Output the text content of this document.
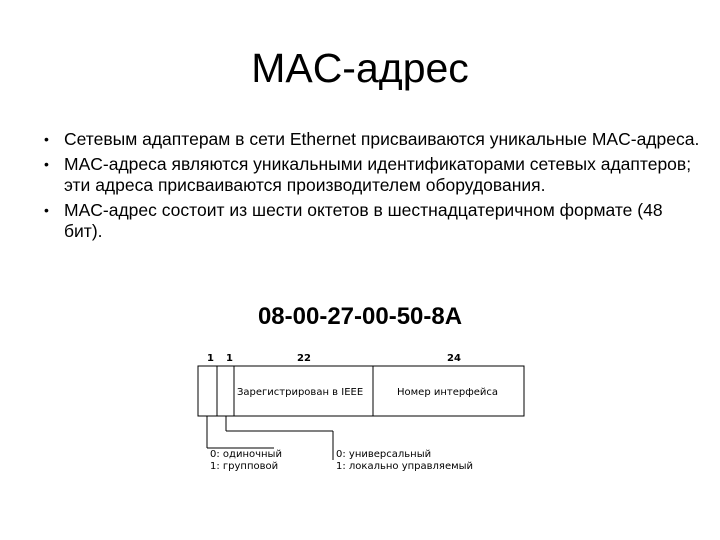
MAC-адрес
• Сетевым адаптерам в сети Ethernet присваиваются уникальные MAC-адреса.
• MAC-адреса являются уникальными идентификаторами сетевых адаптеров; эти адреса присваиваются производителем оборудования.
• MAC-адрес состоит из шести октетов в шестнадцатеричном формате (48 бит).
08-00-27-00-50-8A
1 1	22	24
Зарегистрирован в IEEE	Номер интерфейса
0: одиночный
1: групповой
0: универсальный
1: локально управляемый
